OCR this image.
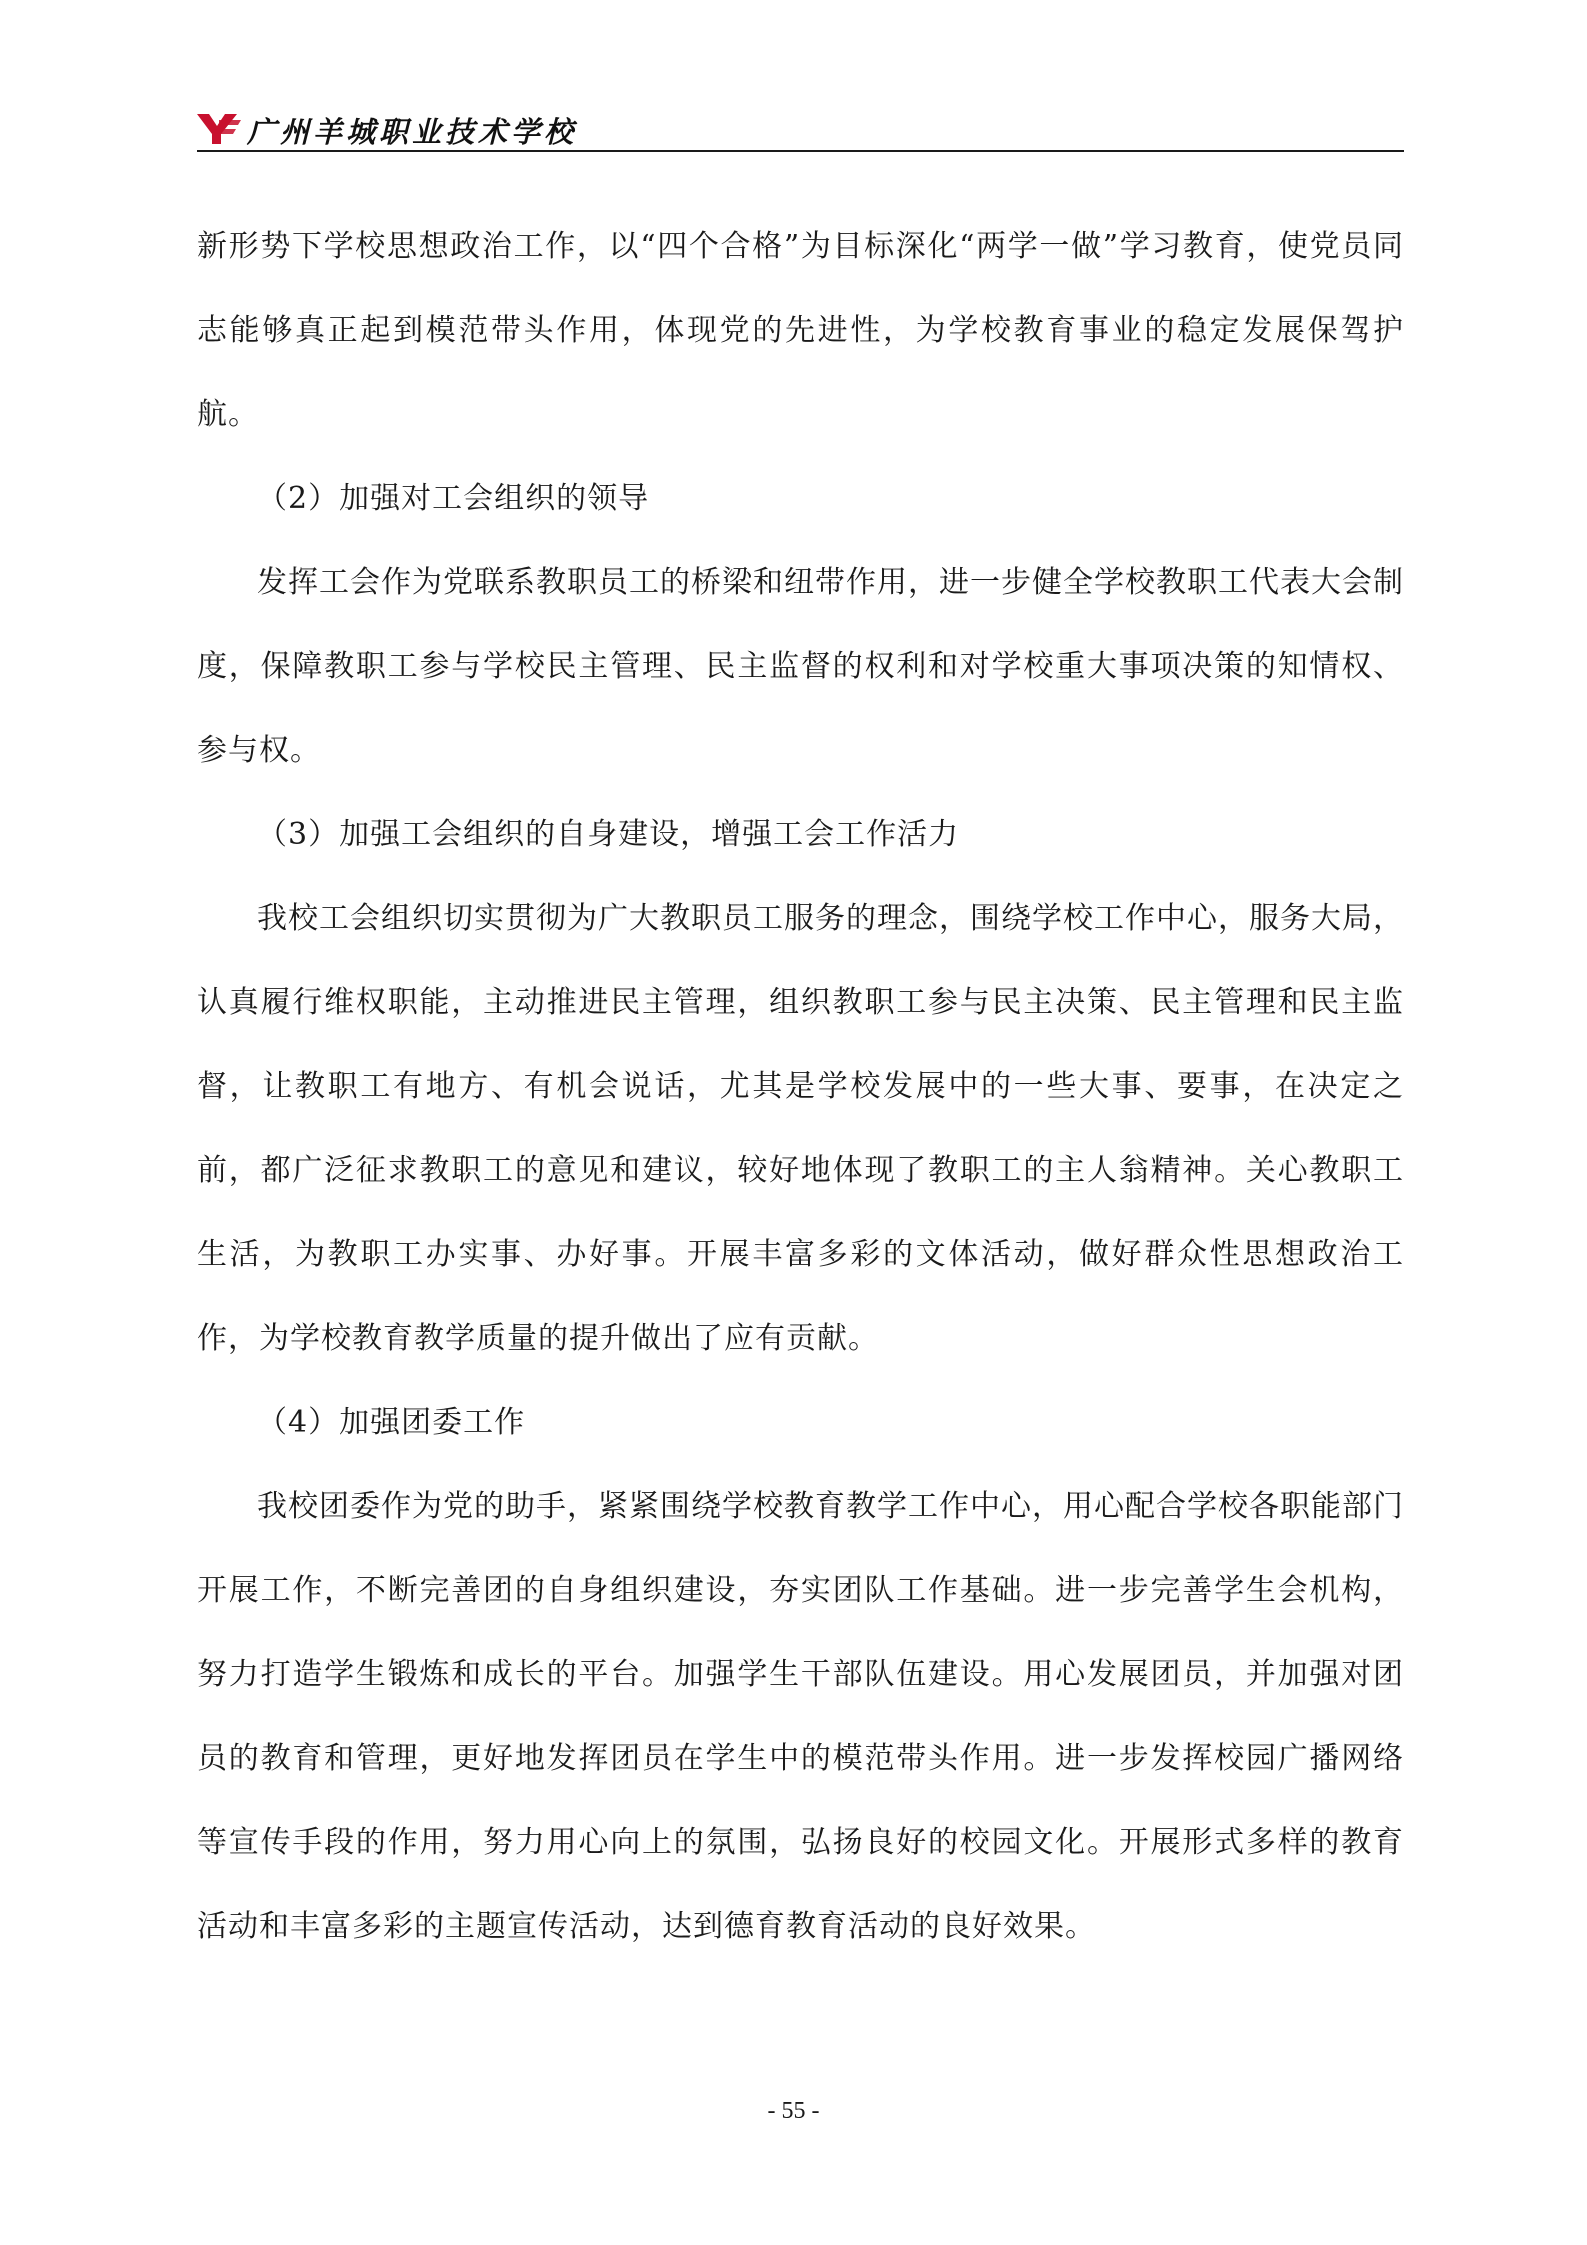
广州羊城职业技术学校

新形势下学校思想政治工作，以“四个合格”为目标深化“两学一做”学习教育，使党员同志能够真正起到模范带头作用，体现党的先进性，为学校教育事业的稳定发展保驾护航。

（2）加强对工会组织的领导

发挥工会作为党联系教职员工的桥梁和纽带作用，进一步健全学校教职工代表大会制度，保障教职工参与学校民主管理、民主监督的权利和对学校重大事项决策的知情权、参与权。

（3）加强工会组织的自身建设，增强工会工作活力

我校工会组织切实贯彻为广大教职员工服务的理念，围绕学校工作中心，服务大局，认真履行维权职能，主动推进民主管理，组织教职工参与民主决策、民主管理和民主监督，让教职工有地方、有机会说话，尤其是学校发展中的一些大事、要事，在决定之前，都广泛征求教职工的意见和建议，较好地体现了教职工的主人翁精神。关心教职工生活，为教职工办实事、办好事。开展丰富多彩的文体活动，做好群众性思想政治工作，为学校教育教学质量的提升做出了应有贡献。

（4）加强团委工作

我校团委作为党的助手，紧紧围绕学校教育教学工作中心，用心配合学校各职能部门开展工作，不断完善团的自身组织建设，夯实团队工作基础。进一步完善学生会机构，努力打造学生锻炼和成长的平台。加强学生干部队伍建设。用心发展团员，并加强对团员的教育和管理，更好地发挥团员在学生中的模范带头作用。进一步发挥校园广播网络等宣传手段的作用，努力用心向上的氛围，弘扬良好的校园文化。开展形式多样的教育活动和丰富多彩的主题宣传活动，达到德育教育活动的良好效果。

- 55 -
